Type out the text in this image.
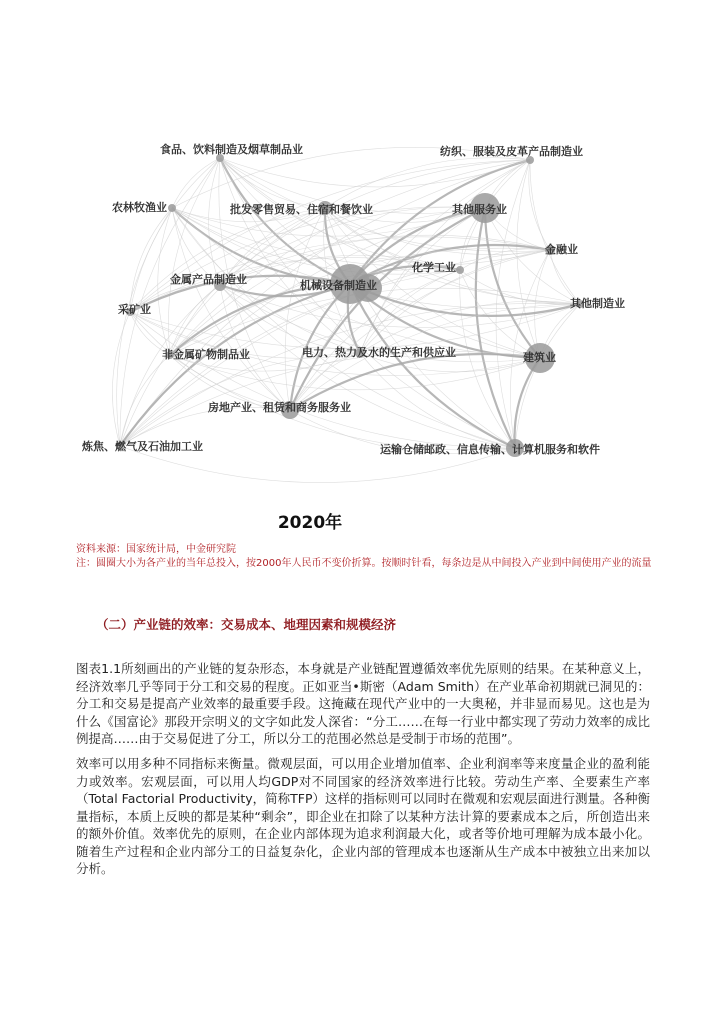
食品、饮料制造及烟草制品业	纺织、服装及皮革产品制造业
农林牧渔业	批发零售贸易、住宿和餐饮业	其他服务业
金融业
化学工业
金属产品制造业	机械设备制造业
采矿业	其他制造业
非金属矿物制品业	电力、热力及水的生产和供应业	建筑业
房地产业、租赁和商务服务业
炼焦、燃气及石油加工业	运输仓储邮政、信息传输、计算机服务和软件
2020年
资料来源：国家统计局，中金研究院
注：圆圈大小为各产业的当年总投入，按2000年人民币不变价折算。按顺时针看，每条边是从中间投入产业到中间使用产业的流量
（二）产业链的效率：交易成本、地理因素和规模经济
图表1.1所刻画出的产业链的复杂形态，本身就是产业链配置遵循效率优先原则的结果。在某种意义上，经济效率几乎等同于分工和交易的程度。正如亚当•斯密（Adam Smith）在产业革命初期就已洞见的：分工和交易是提高产业效率的最重要手段。这掩藏在现代产业中的一大奥秘，并非显而易见。这也是为什么《国富论》那段开宗明义的文字如此发人深省：“分工……在每一行业中都实现了劳动力效率的成比例提高……由于交易促进了分工，所以分工的范围必然总是受制于市场的范围”。
效率可以用多种不同指标来衡量。微观层面，可以用企业增加值率、企业利润率等来度量企业的盈利能力或效率。宏观层面，可以用人均GDP对不同国家的经济效率进行比较。劳动生产率、全要素生产率（Total Factorial Productivity，简称TFP）这样的指标则可以同时在微观和宏观层面进行测量。各种衡量指标，本质上反映的都是某种“剩余”，即企业在扣除了以某种方法计算的要素成本之后，所创造出来的额外价值。效率优先的原则，在企业内部体现为追求利润最大化，或者等价地可理解为成本最小化。随着生产过程和企业内部分工的日益复杂化，企业内部的管理成本也逐渐从生产成本中被独立出来加以分析。
